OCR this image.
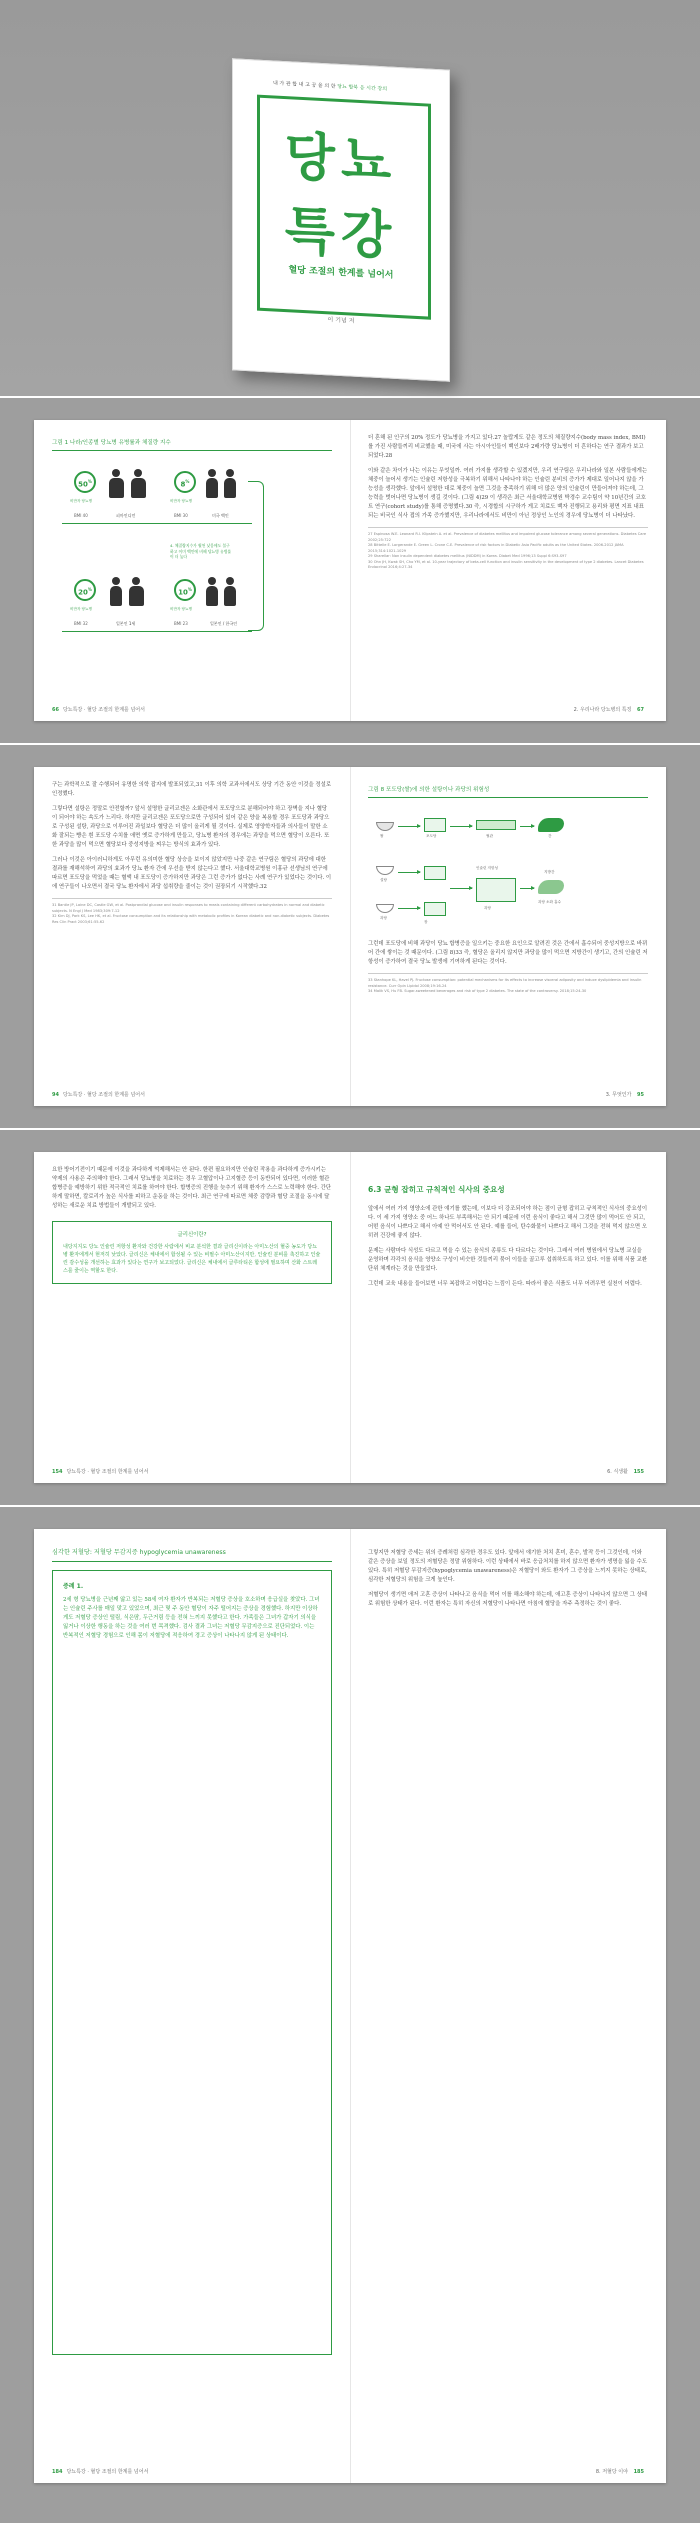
내 가 관 합 내 고 공 을 의 한 당뇨 합북 응 시간 강의
당뇨
특강
혈당 조절의 한계를 넘어서
이 기념 저
그림 1 나라/인종별 당뇨병 유병률과 체질량 지수
50%
비만자 당뇨병
BMI 40	피마인디언
8%
비만자 당뇨병
BMI 30	미국 백인
4. 체질량지수가 훨씬 낮음에도 불구하고 이미 백인에 비해 당뇨병 유병률이 더 높다
20%
비만자 당뇨병
BMI 32	일본인 1세
10%
비만자 당뇨병
BMI 23	일본인 / 한국인
66 당뇨특강 · 혈당 조절의 한계를 넘어서

더 혼해 된 인구의 20% 정도가 당뇨병을 가지고 있다.27 놀랍게도 같은 정도의 체질량지수(body mass index, BMI)를 가진 사람들끼리 비교했을 때, 미국에 사는 아시아인들이 백인보다 2배가량 당뇨병이 더 흔하다는 연구 결과가 보고되었다.28

이와 같은 차이가 나는 이유는 무엇일까. 여러 가지를 생각할 수 있겠지만, 우리 연구팀은 우리나라와 일본 사람들에게는 체중이 늘어서 생기는 인슐린 저항성을 극복하기 위해서 나타나야 하는 인슐린 분비의 증가가 제대로 일어나지 않을 가능성을 생각했다. 앞에서 설명한 대로 체중이 늘면 그것을 충족하기 위해 더 많은 양의 인슐린이 만들어져야 하는데, 그 능력을 벗어나면 당뇨병이 생길 것이다. (그림 4)29 이 생각은 최근 서울대학교병원 박경수 교수팀이 약 10년간의 코호트 연구(cohort study)를 통해 증명했다.30 즉, 시경합의 시구하가 게고 치료도 백자 진행되고 용리와 평면 지표 내표되는 비국인 식사 접의 가족 증가했지만, 우리나라에서도 비만이 아닌 정상인 노인의 경우에 당뇨병이 더 나타났다.

27 Espinosa W.E. Leonard R.I. Klipstein A. et al. Prevalence of diabetes mellitus and impaired glucose tolerance among several generations. Diabetes Care 2002;25:722

28 Bittelle E. Lorgerande E. Green L. Crone C.E. Prevalence of risk factors in Diabetic Asia Pacific adults as the United States. 2006-2012 JAMA 2015;314:1021-1029

29 Sharellar: Non insulin dependent diabetes mellitus (NIDDM) in Korea. Diabet Med 1996;13 Suppl 6:S93-S97

30 Ohn JH, Kwak SH, Cho YM, et al. 10-year trajectory of beta-cell function and insulin sensitivity in the development of type 2 diabetes. Lancet Diabetes Endocrinol 2016;4:27-34

2. 우리나라 당뇨병의 특징 67

구는 과학적으로 잘 수행되어 유명한 의학 잡지에 발표되었고,31 이후 의학 교과서에서도 상당 기간 동안 이것을 정설로 인정했다.

그렇다면 설탕은 정말로 안전할까? 앞서 설명한 글리코겐은 소화관에서 포도당으로 분해되어야 하고 장벽을 지나 혈당이 되어야 하는 속도가 느리다. 하지만 글리코겐은 포도당으로만 구성되어 있어 같은 양을 복용할 경우 포도당과 과당으로 구성된 설탕, 과당으로 이루어진 과일보다 혈당은 더 많이 올리게 될 것이다. 실제로 영양학자들과 의사들이 말한 소화 잘되는 빵은 흰 포도당 수치를 애면 옛로 증가하게 만들고, 당뇨병 환자의 경우에는 과당을 먹으면 혈당이 오른다. 또한 과당을 많이 먹으면 혈당보다 중성지방을 찌우는 방식의 효과가 있다.

그러나 이것은 아이러니하게도 아무런 유의미한 혈당 상승을 보이지 않았지만 나중 같은 연구팀은 혈당의 과당에 대한 결과를 재해석하여 과당의 효과가 당뇨 환자 간에 우선을 받지 않는다고 했다. 서울대학교병원 이홍규 선생님의 연구에 따르면 포도당을 먹었을 때는 혈액 내 포도당이 증가하지만 과당은 그런 증가가 없다는 사례 연구가 있었다는 것이다. 이에 연구들이 나오면서 결국 당뇨 환자에서 과당 섭취량을 줄이는 것이 권장되기 시작했다.32

31 Bantle JP, Laine DC, Castle GW, et al. Postprandial glucose and insulin responses to meals containing different carbohydrates in normal and diabetic subjects. N Engl J Med 1983;309:7-12

32 Kim DJ, Park KS, Lee HK, et al. Fructose consumption and its relationship with metabolic profiles in Korean diabetic and non-diabetic subjects. Diabetes Res Clin Pract 2003;61:55-62

94 당뇨특강 · 혈당 조절의 한계를 넘어서
그림 8 포도당(쌀)에 의한 설탕이나 과당의 위험성
쌀	포도당	혈관	간
설탕
과당
장
인슐린 저항성
과당
지방간
과당 소화 흡수

그런데 포도당에 비해 과당이 당뇨 합병증을 일으키는 중요한 요인으로 알려진 것은 간에서 흡수되어 중성지방으로 바뀌어 간에 쌓이는 것 때문이다. (그림 8)33 즉, 혈당은 올리지 않지만 과당을 많이 먹으면 지방간이 생기고, 간의 인슐린 저항성이 증가하여 결국 당뇨 발생에 기여하게 된다는 것이다.

33 Stanhope KL, Havel PJ. Fructose consumption: potential mechanisms for its effects to increase visceral adiposity and induce dyslipidemia and insulin resistance. Curr Opin Lipidol 2008;19:16-24

34 Malik VS, Hu FB. Sugar-sweetened beverages and risk of type 2 diabetes. The state of the controversy. 2018;15:24-30

3. 무엇인가 95

요한 방어기전이기 때문에 이것을 과다하게 억제해서는 안 된다. 한편 필요하지만 인슐린 작용을 과다하게 증가시키는 약제의 사용은 주의해야 한다. 그래서 당뇨병을 치료하는 경우 고혈압이나 고지혈증 등이 동반되어 있다면, 이러한 혈관 합병증을 예방하기 위한 적극적인 치료를 하여야 한다. 합병증의 진행을 늦추기 위해 환자가 스스로 노력해야 한다. 간단하게 말하면, 칼로리가 높은 식사를 피하고 운동을 하는 것이다. 최근 연구에 따르면 체중 감량과 혈당 조절을 동시에 달성하는 새로운 치료 방법들이 개발되고 있다.

글리신이란?
내당지지도 당뇨 인슐린 저항성 환자와 건강한 사람에서 비교 분석한 결과 글리신이라는 아미노산의 혈중 농도가 당뇨병 환자에게서 현저히 낮았다. 글리신은 체내에서 합성될 수 있는 비필수 아미노산이지만, 인슐린 분비를 촉진하고 인슐린 감수성을 개선하는 효과가 있다는 연구가 보고되었다. 글리신은 체내에서 글루타티온 합성에 필요하며 산화 스트레스를 줄이는 역할도 한다.
154 당뇨특강 · 혈당 조절의 한계를 넘어서
6.3 균형 잡히고 규칙적인 식사의 중요성

앞에서 여러 가지 영양소에 관한 얘기를 했는데, 이보다 더 강조되어야 하는 점이 균형 잡히고 규칙적인 식사의 중요성이다. 이 세 가지 영양소 중 어느 하나도 부족해서는 안 되기 때문에 이런 음식이 좋다고 해서 그것만 많이 먹어도 안 되고, 어떤 음식이 나쁘다고 해서 아예 안 먹어서도 안 된다. 예를 들어, 탄수화물이 나쁘다고 해서 그것을 전혀 먹지 않으면 오히려 건강에 좋지 않다.

문제는 사람마다 식성도 다르고 먹을 수 있는 음식의 종류도 다 다르다는 것이다. 그래서 여러 병원에서 당뇨병 교실을 운영하며 각각의 음식을 영양소 구성이 비슷한 것들끼리 묶어 이들을 골고루 섭취하도록 하고 있다. 이를 위해 식품 교환 단위 체계라는 것을 만들었다.

그런데 교육 내용을 들어보면 너무 복잡하고 어렵다는 느낌이 든다. 따라서 좋은 식품도 너무 어려우면 실천이 어렵다.

6. 식생활 155
심각한 저혈당: 저혈당 무감지증 hypoglycemia unawareness
증례 1.

2세 형 당뇨병을 근년째 앓고 있는 58세 여자 환자가 반복되는 저혈당 증상을 호소하며 응급실을 찾았다. 그녀는 인슐린 주사를 매일 맞고 있었으며, 최근 몇 주 동안 혈당이 자주 떨어지는 증상을 경험했다. 하지만 이상하게도 저혈당 증상인 떨림, 식은땀, 두근거림 등을 전혀 느끼지 못했다고 한다. 가족들은 그녀가 갑자기 의식을 잃거나 이상한 행동을 하는 것을 여러 번 목격했다. 검사 결과 그녀는 저혈당 무감지증으로 진단되었다. 이는 반복적인 저혈당 경험으로 인해 몸이 저혈당에 적응하여 경고 증상이 나타나지 않게 된 상태이다.

184 당뇨특강 · 혈당 조절의 한계를 넘어서

그렇지만 저혈당 증세는 위의 증례처럼 심각한 경우도 있다. 앞에서 얘기한 처치 혼미, 혼수, 발작 등이 그것인데, 이와 같은 증상을 보일 정도의 저혈당은 정말 위험하다. 이런 상태에서 바로 응급처치를 하지 않으면 환자가 생명을 잃을 수도 있다. 특히 저혈당 무감지증(hypoglycemia unawareness)은 저혈당이 와도 환자가 그 증상을 느끼지 못하는 상태로, 심각한 저혈당의 위험을 크게 높인다.

저혈당이 생기면 애저 고혼 증상이 나타나고 음식을 먹어 이를 해소해야 하는데, 애고혼 증상이 나타나지 않으면 그 상태로 위험한 상태가 된다. 이런 환자는 특히 자신의 저혈당이 나타나면 아침에 혈당을 자주 측정하는 것이 좋다.

8. 저혈당 이야 185
